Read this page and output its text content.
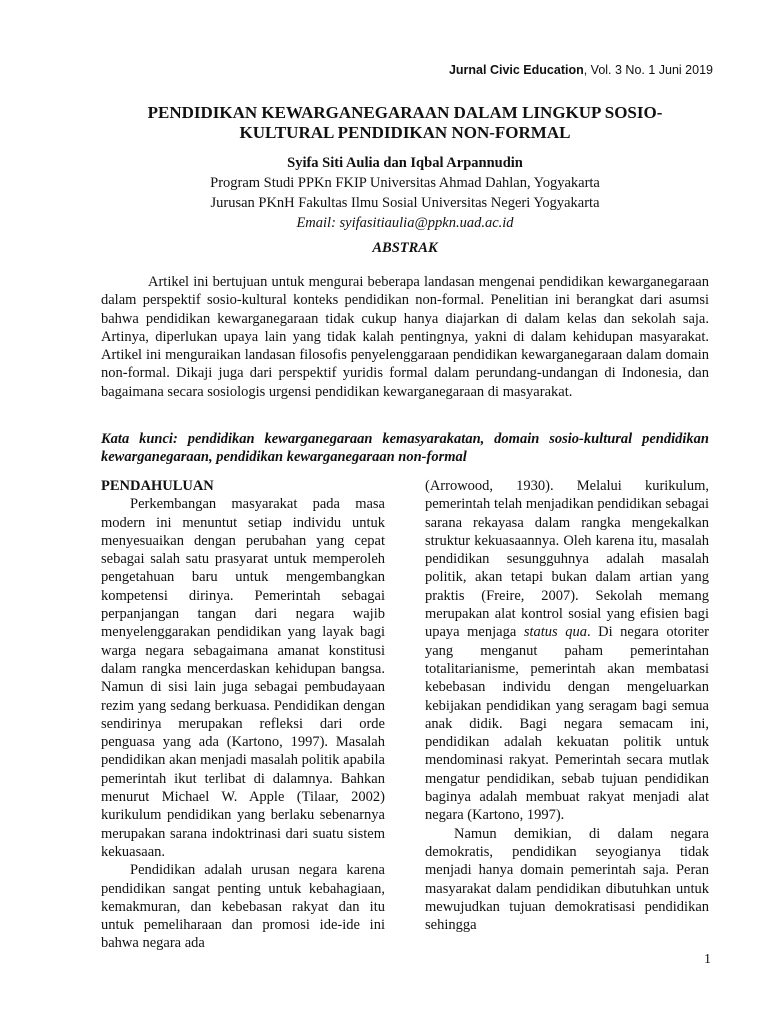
Jurnal Civic Education, Vol. 3 No. 1 Juni 2019
PENDIDIKAN KEWARGANEGARAAN DALAM LINGKUP SOSIO-
KULTURAL PENDIDIKAN NON-FORMAL
Syifa Siti Aulia dan Iqbal Arpannudin
Program Studi PPKn FKIP Universitas Ahmad Dahlan, Yogyakarta
Jurusan PKnH Fakultas Ilmu Sosial Universitas Negeri Yogyakarta
Email: syifasitiaulia@ppkn.uad.ac.id
ABSTRAK

Artikel ini bertujuan untuk mengurai beberapa landasan mengenai pendidikan kewarganegaraan dalam perspektif sosio-kultural konteks pendidikan non-formal. Penelitian ini berangkat dari asumsi bahwa pendidikan kewarganegaraan tidak cukup hanya diajarkan di dalam kelas dan sekolah saja. Artinya, diperlukan upaya lain yang tidak kalah pentingnya, yakni di dalam kehidupan masyarakat. Artikel ini menguraikan landasan filosofis penyelenggaraan pendidikan kewarganegaraan dalam domain non-formal. Dikaji juga dari perspektif yuridis formal dalam perundang-undangan di Indonesia, dan bagaimana secara sosiologis urgensi pendidikan kewarganegaraan di masyarakat.

Kata kunci: pendidikan kewarganegaraan kemasyarakatan, domain sosio-kultural pendidikan kewarganegaraan, pendidikan kewarganegaraan non-formal

PENDAHULUAN

Perkembangan masyarakat pada masa modern ini menuntut setiap individu untuk menyesuaikan dengan perubahan yang cepat sebagai salah satu prasyarat untuk memperoleh pengetahuan baru untuk mengembangkan kompetensi dirinya. Pemerintah sebagai perpanjangan tangan dari negara wajib menyelenggarakan pendidikan yang layak bagi warga negara sebagaimana amanat konstitusi dalam rangka mencerdaskan kehidupan bangsa. Namun di sisi lain juga sebagai pembudayaan rezim yang sedang berkuasa. Pendidikan dengan sendirinya merupakan refleksi dari orde penguasa yang ada (Kartono, 1997). Masalah pendidikan akan menjadi masalah politik apabila pemerintah ikut terlibat di dalamnya. Bahkan menurut Michael W. Apple (Tilaar, 2002) kurikulum pendidikan yang berlaku sebenarnya merupakan sarana indoktrinasi dari suatu sistem kekuasaan.

Pendidikan adalah urusan negara karena pendidikan sangat penting untuk kebahagiaan, kemakmuran, dan kebebasan rakyat dan itu untuk pemeliharaan dan promosi ide-ide ini bahwa negara ada

(Arrowood, 1930). Melalui kurikulum, pemerintah telah menjadikan pendidikan sebagai sarana rekayasa dalam rangka mengekalkan struktur kekuasaannya. Oleh karena itu, masalah pendidikan sesungguhnya adalah masalah politik, akan tetapi bukan dalam artian yang praktis (Freire, 2007). Sekolah memang merupakan alat kontrol sosial yang efisien bagi upaya menjaga status qua. Di negara otoriter yang menganut paham pemerintahan totalitarianisme, pemerintah akan membatasi kebebasan individu dengan mengeluarkan kebijakan pendidikan yang seragam bagi semua anak didik. Bagi negara semacam ini, pendidikan adalah kekuatan politik untuk mendominasi rakyat. Pemerintah secara mutlak mengatur pendidikan, sebab tujuan pendidikan baginya adalah membuat rakyat menjadi alat negara (Kartono, 1997).

Namun demikian, di dalam negara demokratis, pendidikan seyogianya tidak menjadi hanya domain pemerintah saja. Peran masyarakat dalam pendidikan dibutuhkan untuk mewujudkan tujuan demokratisasi pendidikan sehingga

1
